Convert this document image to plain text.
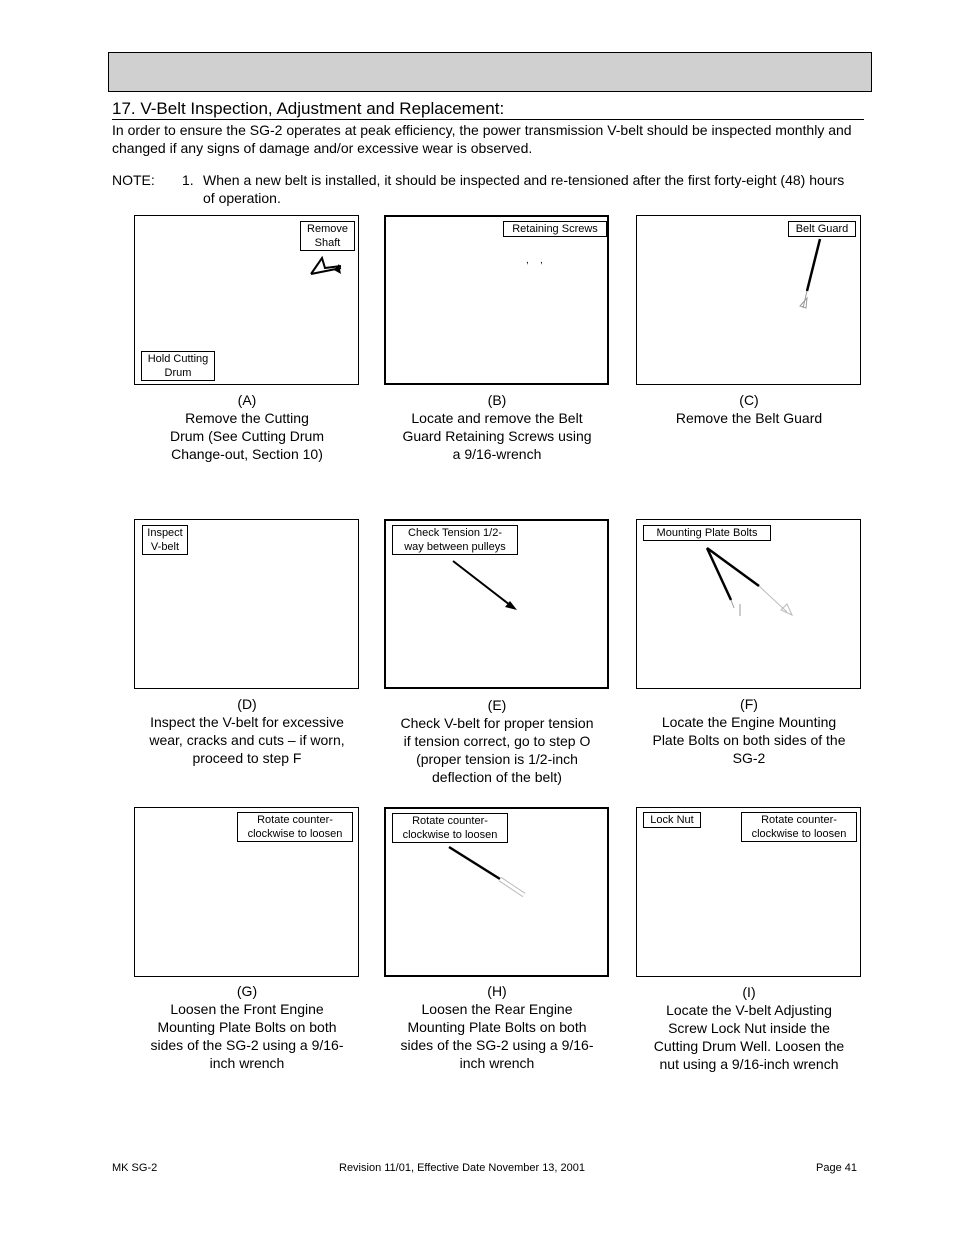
17. V-Belt Inspection, Adjustment and Replacement:
In order to ensure the SG-2 operates at peak efficiency, the power transmission V-belt should be inspected monthly and changed if any signs of damage and/or excessive wear is observed.
NOTE: 1. When a new belt is installed, it should be inspected and re-tensioned after the first forty-eight (48) hours of operation.
Remove
Shaft
Hold Cutting
Drum
, ,
Retaining Screws	Belt Guard
(A)
Remove the Cutting
Drum (See Cutting Drum
Change-out, Section 10)
(B)
Locate and remove the Belt
Guard Retaining Screws using
a 9/16-wrench
(C)
Remove the Belt Guard
Inspect
V-belt
Check Tension 1/2-
way between pulleys
Mounting Plate Bolts
(D)
Inspect the V-belt for excessive
wear, cracks and cuts – if worn,
proceed to step F
(E)
Check V-belt for proper tension
if tension correct, go to step O
(proper tension is 1/2-inch
deflection of the belt)
(F)
Locate the Engine Mounting
Plate Bolts on both sides of the
SG-2
Rotate counter-
clockwise to loosen
Rotate counter-
clockwise to loosen
Lock Nut	Rotate counter-
clockwise to loosen
(G)
Loosen the Front Engine
Mounting Plate Bolts on both
sides of the SG-2 using a 9/16-
inch wrench
(H)
Loosen the Rear Engine
Mounting Plate Bolts on both
sides of the SG-2 using a 9/16-
inch wrench
(I)
Locate the V-belt Adjusting
Screw Lock Nut inside the
Cutting Drum Well. Loosen the
nut using a 9/16-inch wrench
MK SG-2	Revision 11/01, Effective Date November 13, 2001	Page 41
